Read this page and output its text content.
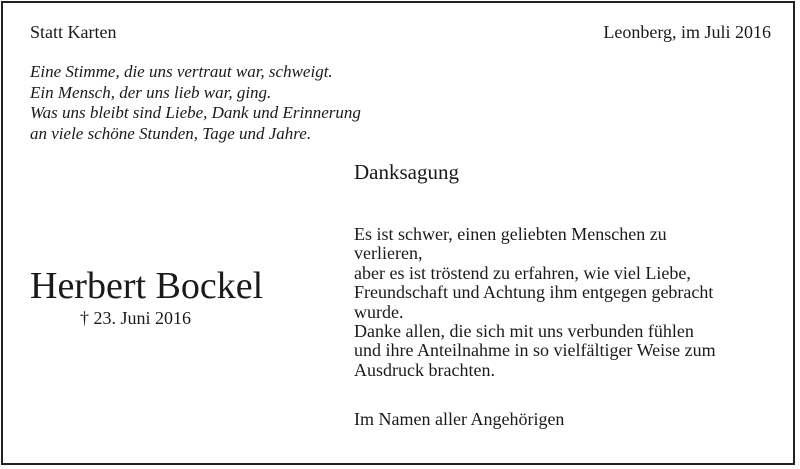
Statt Karten	Leonberg, im Juli 2016
Eine Stimme, die uns vertraut war, schweigt.
Ein Mensch, der uns lieb war, ging.
Was uns bleibt sind Liebe, Dank und Erinnerung
an viele schöne Stunden, Tage und Jahre.
Herbert Bockel
† 23. Juni 2016
Danksagung
Es ist schwer, einen geliebten Menschen zu
verlieren,
aber es ist tröstend zu erfahren, wie viel Liebe,
Freundschaft und Achtung ihm entgegen gebracht
wurde.
Danke allen, die sich mit uns verbunden fühlen
und ihre Anteilnahme in so vielfältiger Weise zum
Ausdruck brachten.
Im Namen aller Angehörigen
